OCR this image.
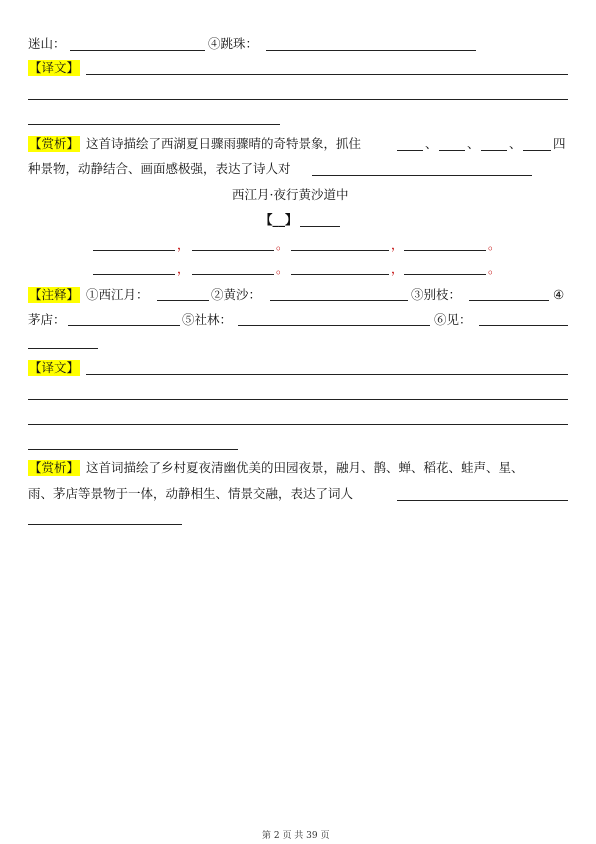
迷山：	④跳珠：
【译文】
【赏析】 这首诗描绘了西湖夏日骤雨骤晴的奇特景象，抓住	、 、 、	四
种景物，动静结合、画面感极强，表达了诗人对
西江月·夜行黄沙道中
【__】
，	。	，	。
，	。	，	。
【注释】 ①西江月：	②黄沙：	③别枝：	④
茅店：	⑤社林：	⑥见：
【译文】
【赏析】 这首词描绘了乡村夏夜清幽优美的田园夜景，融月、鹊、蝉、稻花、蛙声、星、
雨、茅店等景物于一体，动静相生、情景交融，表达了词人
第 2 页 共 39 页
